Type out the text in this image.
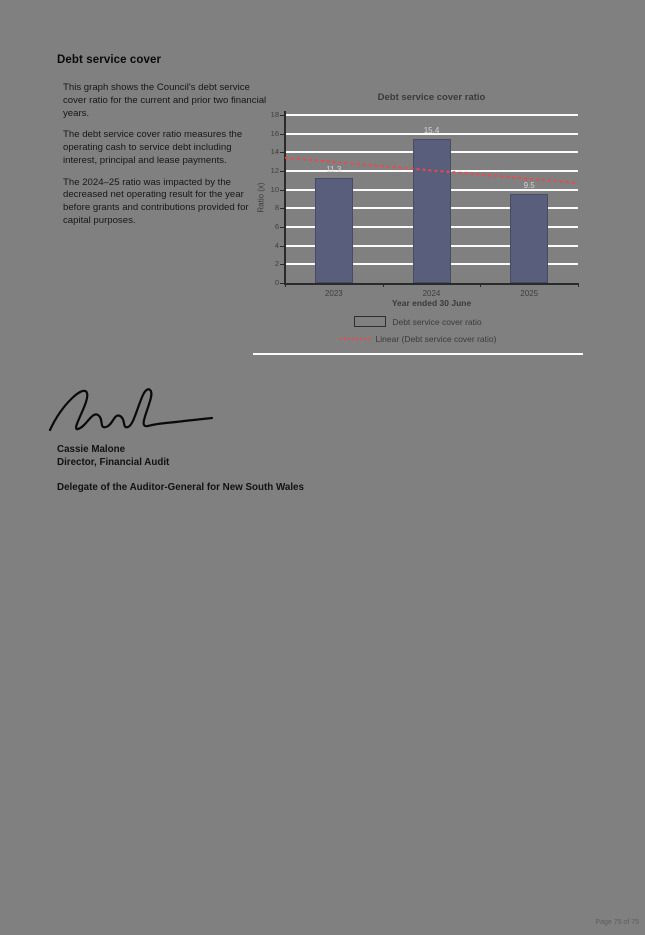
Debt service cover

This graph shows the Council's debt service cover ratio for the current and prior two financial years.

The debt service cover ratio measures the operating cash to service debt including interest, principal and lease payments.

The 2024–25 ratio was impacted by the decreased net operating result for the year before grants and contributions provided for capital purposes.

Debt service cover ratio
Ratio (x)
0
2
4
6
8
10
12
14
16
18
11.3
2023
15.4
2024
9.5
2025
Year ended 30 June
Debt service cover ratio
Linear (Debt service cover ratio)
Cassie Malone
Director, Financial Audit
Delegate of the Auditor-General for New South Wales
Page 75 of 75
